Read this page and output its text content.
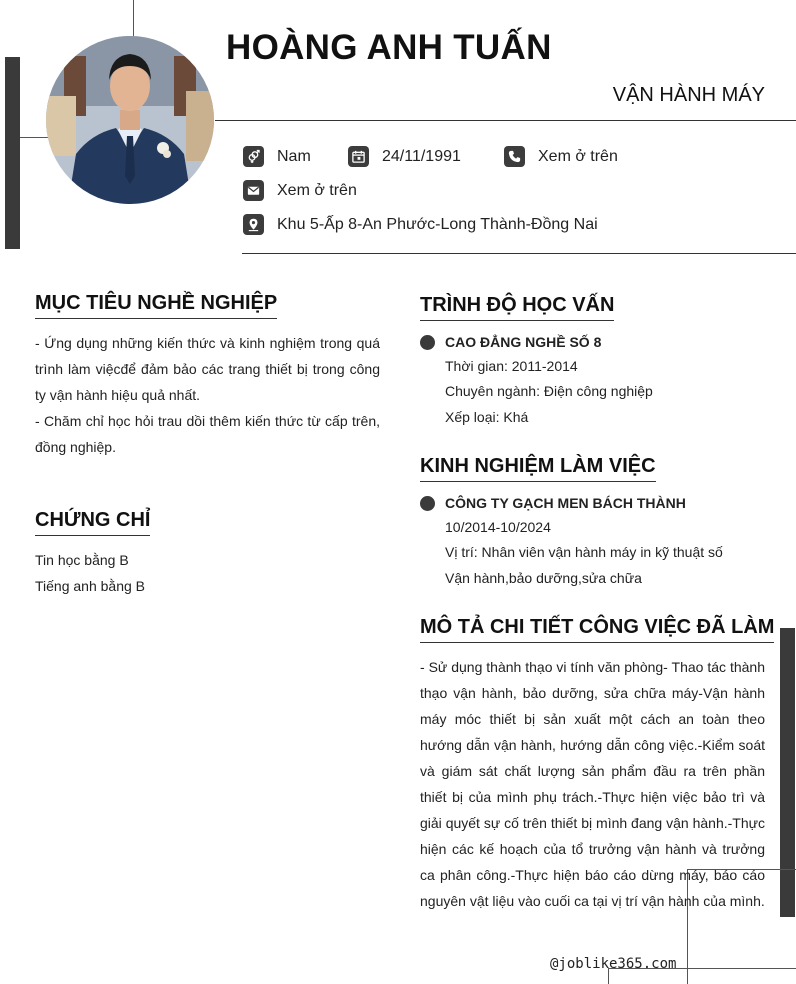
HOÀNG ANH TUẤN
VẬN HÀNH MÁY
Nam	24/11/1991	Xem ở trên
Xem ở trên
Khu 5-Ấp 8-An Phước-Long Thành-Đồng Nai
MỤC TIÊU NGHỀ NGHIỆP
- Ứng dụng những kiến thức và kinh nghiệm trong quá trình làm việcđể đảm bảo các trang thiết bị trong công ty vận hành hiệu quả nhất.
- Chăm chỉ học hỏi trau dồi thêm kiến thức từ cấp trên, đồng nghiệp.
CHỨNG CHỈ
Tin học bằng B
Tiếng anh bằng B
TRÌNH ĐỘ HỌC VẤN
CAO ĐẲNG NGHỀ SỐ 8
Thời gian: 2011-2014
Chuyên ngành: Điện công nghiệp
Xếp loại: Khá
KINH NGHIỆM LÀM VIỆC
CÔNG TY GẠCH MEN BÁCH THÀNH
10/2014-10/2024
Vị trí: Nhân viên vận hành máy in kỹ thuật số
Vận hành,bảo dưỡng,sửa chữa
MÔ TẢ CHI TIẾT CÔNG VIỆC ĐÃ LÀM
- Sử dụng thành thạo vi tính văn phòng- Thao tác thành thạo vận hành, bảo dưỡng, sửa chữa máy-Vận hành máy móc thiết bị sản xuất một cách an toàn theo hướng dẫn vận hành, hướng dẫn công việc.-Kiểm soát và giám sát chất lượng sản phẩm đầu ra trên phần thiết bị của mình phụ trách.-Thực hiện việc bảo trì và giải quyết sự cố trên thiết bị mình đang vận hành.-Thực hiện các kế hoạch của tổ trưởng vận hành và trưởng ca phân công.-Thực hiện báo cáo dừng máy, báo cáo nguyên vật liệu vào cuối ca tại vị trí vận hành của mình.
@joblike365.com
